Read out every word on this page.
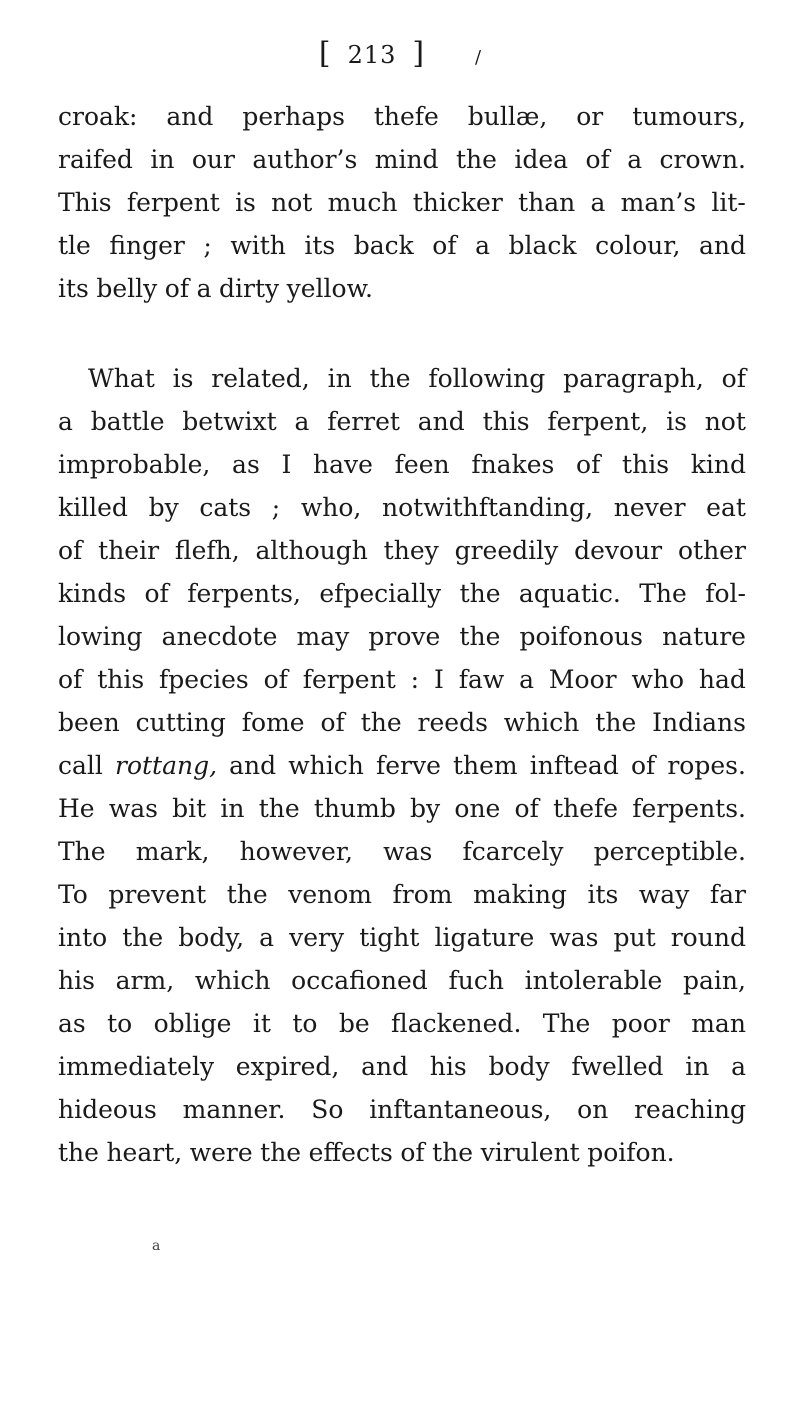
[ 213 ]	/
croak: and perhaps thefe bullæ, or tumours,
raifed in our author’s mind the idea of a crown.
This ferpent is not much thicker than a man’s lit-
tle finger ; with its back of a black colour, and
its belly of a dirty yellow.
What is related, in the following paragraph, of
a battle betwixt a ferret and this ferpent, is not
improbable, as I have feen fnakes of this kind
killed by cats ; who, notwithftanding, never eat
of their flefh, although they greedily devour other
kinds of ferpents, efpecially the aquatic. The fol-
lowing anecdote may prove the poifonous nature
of this fpecies of ferpent : I faw a Moor who had
been cutting fome of the reeds which the Indians
call rottang, and which ferve them inftead of ropes.
He was bit in the thumb by one of thefe ferpents.
The mark, however, was fcarcely perceptible.
To prevent the venom from making its way far
into the body, a very tight ligature was put round
his arm, which occafioned fuch intolerable pain,
as to oblige it to be flackened. The poor man
immediately expired, and his body fwelled in a
hideous manner. So inftantaneous, on reaching
the heart, were the effects of the virulent poifon.
a
